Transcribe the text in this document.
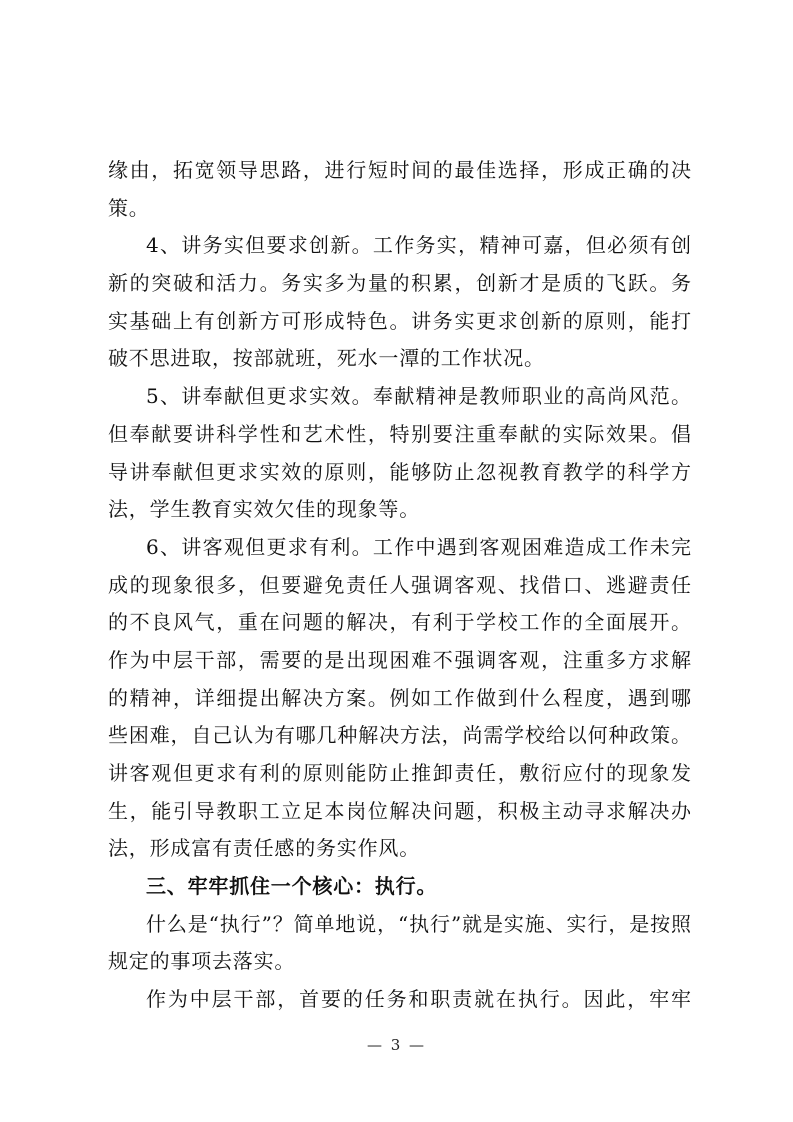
缘由，拓宽领导思路，进行短时间的最佳选择，形成正确的决
策。
4、讲务实但要求创新。工作务实，精神可嘉，但必须有创
新的突破和活力。务实多为量的积累，创新才是质的飞跃。务
实基础上有创新方可形成特色。讲务实更求创新的原则，能打
破不思进取，按部就班，死水一潭的工作状况。
5、讲奉献但更求实效。奉献精神是教师职业的高尚风范。
但奉献要讲科学性和艺术性，特别要注重奉献的实际效果。倡
导讲奉献但更求实效的原则，能够防止忽视教育教学的科学方
法，学生教育实效欠佳的现象等。
6、讲客观但更求有利。工作中遇到客观困难造成工作未完
成的现象很多，但要避免责任人强调客观、找借口、逃避责任
的不良风气，重在问题的解决，有利于学校工作的全面展开。
作为中层干部，需要的是出现困难不强调客观，注重多方求解
的精神，详细提出解决方案。例如工作做到什么程度，遇到哪
些困难，自己认为有哪几种解决方法，尚需学校给以何种政策。
讲客观但更求有利的原则能防止推卸责任，敷衍应付的现象发
生，能引导教职工立足本岗位解决问题，积极主动寻求解决办
法，形成富有责任感的务实作风。
三、牢牢抓住一个核心：执行。
什么是“执行”？简单地说，“执行”就是实施、实行，是按照
规定的事项去落实。
作为中层干部，首要的任务和职责就在执行。因此，牢牢
— 3 —
